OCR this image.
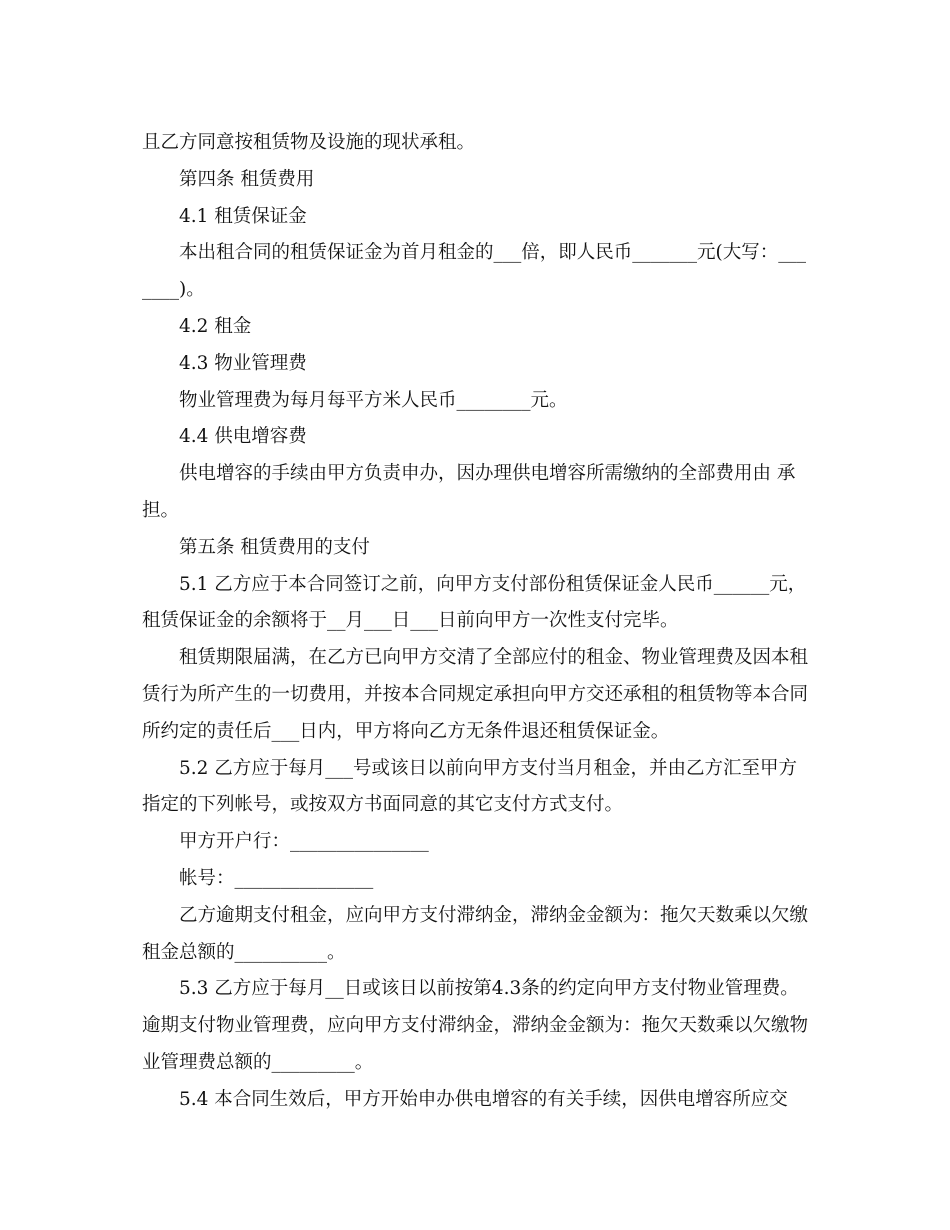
且乙方同意按租赁物及设施的现状承租。

第四条 租赁费用

4.1 租赁保证金

本出租合同的租赁保证金为首月租金的___倍，即人民币_______元(大写：_______)。

4.2 租金

4.3 物业管理费

物业管理费为每月每平方米人民币________元。

4.4 供电增容费

供电增容的手续由甲方负责申办，因办理供电增容所需缴纳的全部费用由 承担。

第五条 租赁费用的支付

5.1 乙方应于本合同签订之前，向甲方支付部份租赁保证金人民币______元，租赁保证金的余额将于__月___日___日前向甲方一次性支付完毕。

租赁期限届满，在乙方已向甲方交清了全部应付的租金、物业管理费及因本租赁行为所产生的一切费用，并按本合同规定承担向甲方交还承租的租赁物等本合同所约定的责任后___日内，甲方将向乙方无条件退还租赁保证金。

5.2 乙方应于每月___号或该日以前向甲方支付当月租金，并由乙方汇至甲方指定的下列帐号，或按双方书面同意的其它支付方式支付。

甲方开户行：_______________

帐号：_______________

乙方逾期支付租金，应向甲方支付滞纳金，滞纳金金额为：拖欠天数乘以欠缴租金总额的__________。

5.3 乙方应于每月__日或该日以前按第4.3条的约定向甲方支付物业管理费。逾期支付物业管理费，应向甲方支付滞纳金，滞纳金金额为：拖欠天数乘以欠缴物业管理费总额的_________。

5.4 本合同生效后，甲方开始申办供电增容的有关手续，因供电增容所应交
